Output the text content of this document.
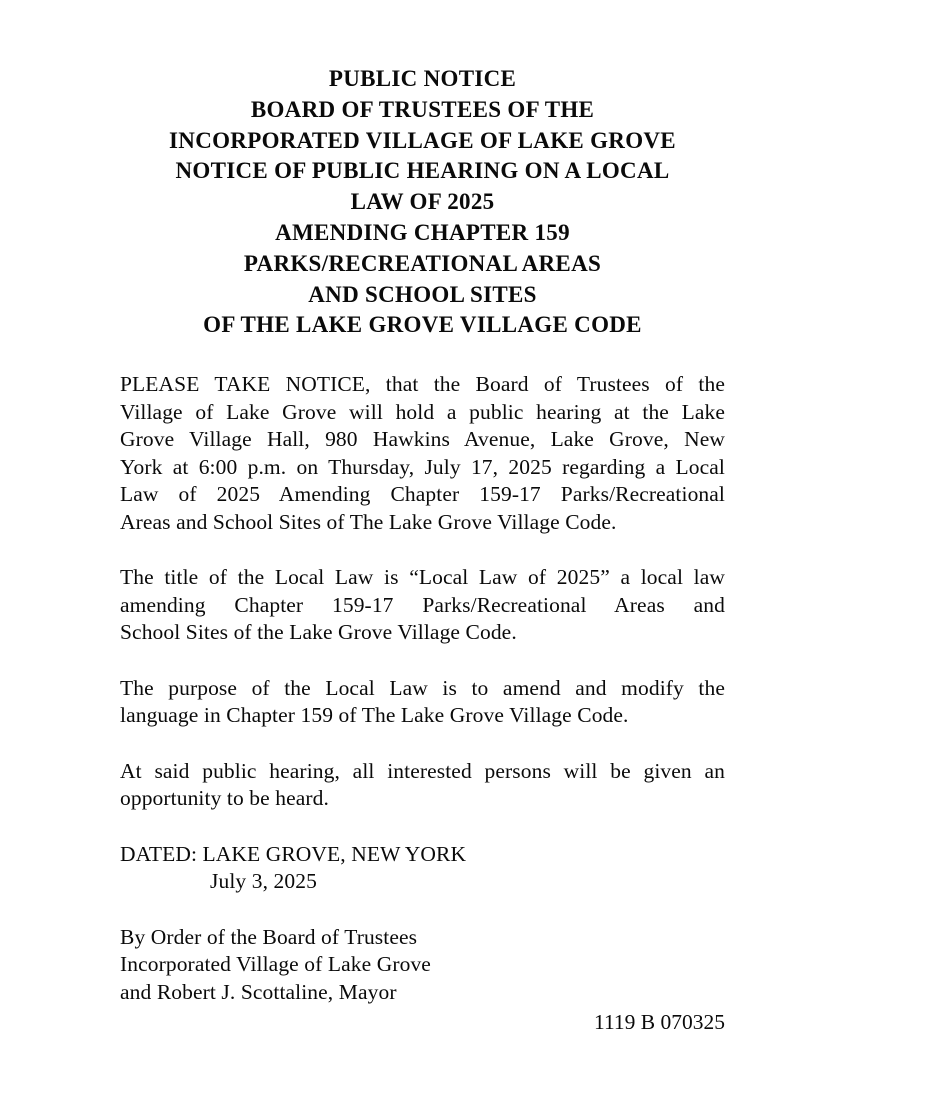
PUBLIC NOTICE
BOARD OF TRUSTEES OF THE
INCORPORATED VILLAGE OF LAKE GROVE
NOTICE OF PUBLIC HEARING ON A LOCAL
LAW OF 2025
AMENDING CHAPTER 159
PARKS/RECREATIONAL AREAS
AND SCHOOL SITES
OF THE LAKE GROVE VILLAGE CODE
PLEASE TAKE NOTICE, that the Board of Trustees of the
Village of Lake Grove will hold a public hearing at the Lake
Grove Village Hall, 980 Hawkins Avenue, Lake Grove, New
York at 6:00 p.m. on Thursday, July 17, 2025 regarding a Local
Law of 2025 Amending Chapter 159-17 Parks/Recreational
Areas and School Sites of The Lake Grove Village Code.
The title of the Local Law is “Local Law of 2025” a local law
amending Chapter 159-17 Parks/Recreational Areas and
School Sites of the Lake Grove Village Code.
The purpose of the Local Law is to amend and modify the
language in Chapter 159 of The Lake Grove Village Code.
At said public hearing, all interested persons will be given an
opportunity to be heard.
DATED: LAKE GROVE, NEW YORK
July 3, 2025
By Order of the Board of Trustees
Incorporated Village of Lake Grove
and Robert J. Scottaline, Mayor
1119 B 070325
